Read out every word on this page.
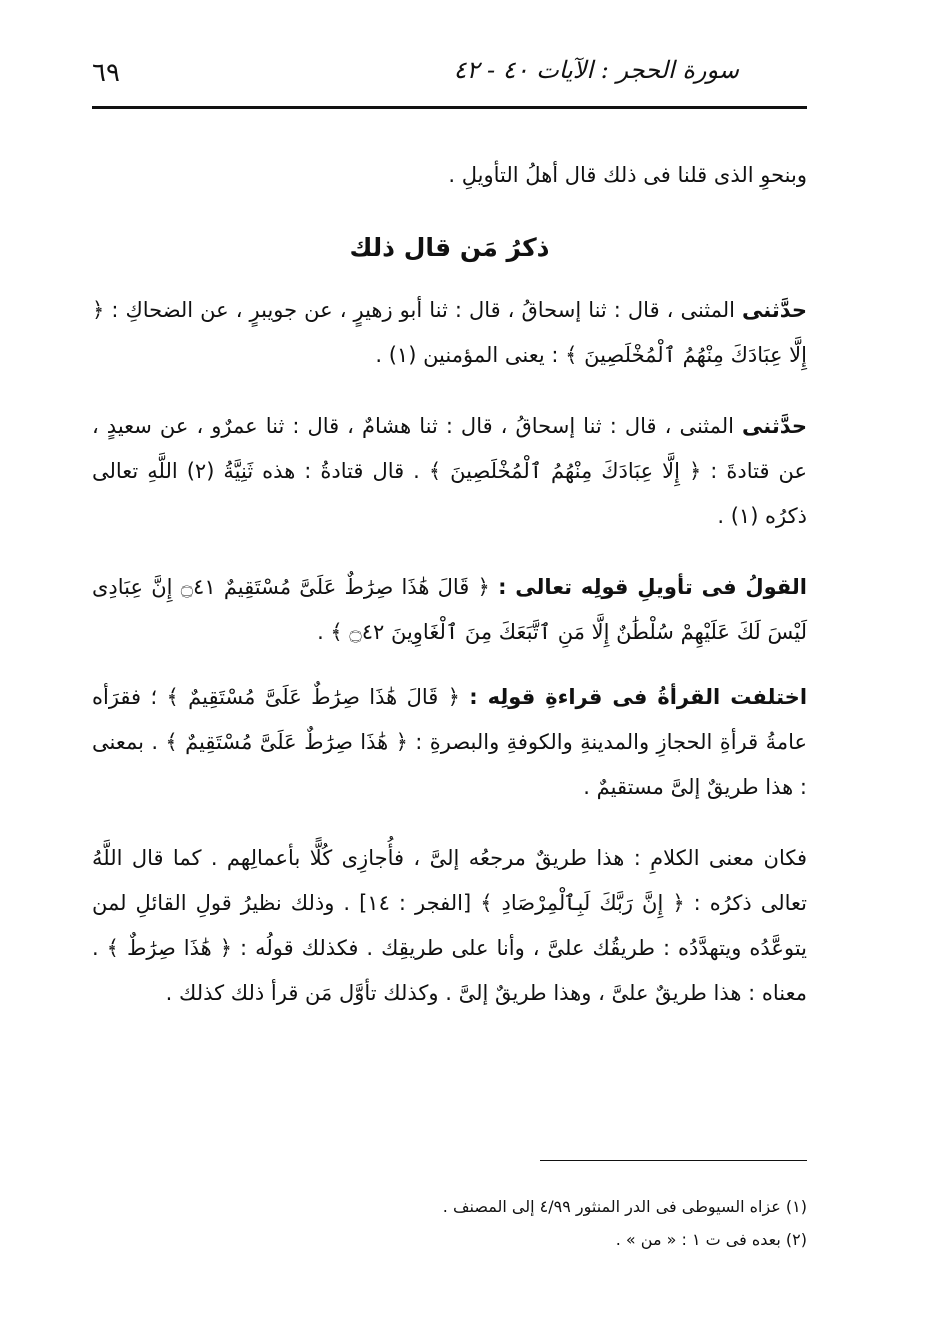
٦٩	سورة الحجر : الآيات ٤٠ - ٤٢

وبنحوِ الذى قلنا فى ذلك قال أهلُ التأويلِ .

ذكرُ مَن قال ذلك

حدَّثنى المثنى ، قال : ثنا إسحاقُ ، قال : ثنا أبو زهيرٍ ، عن جويبرٍ ، عن الضحاكِ : ﴿ إِلَّا عِبَادَكَ مِنْهُمُ ٱلْمُخْلَصِينَ ﴾ : يعنى المؤمنين (١) .

حدَّثنى المثنى ، قال : ثنا إسحاقُ ، قال : ثنا هشامٌ ، قال : ثنا عمرٌو ، عن سعيدٍ ، عن قتادةَ : ﴿ إِلَّا عِبَادَكَ مِنْهُمُ ٱلْمُخْلَصِينَ ﴾ . قال قتادةُ : هذه ثَنِيَّةُ (٢) اللَّهِ تعالى ذكرُه (١) .

القولُ فى تأويلِ قولِه تعالى : ﴿ قَالَ هَٰذَا صِرَٰطٌ عَلَىَّ مُسْتَقِيمٌ ۝٤١ إِنَّ عِبَادِى لَيْسَ لَكَ عَلَيْهِمْ سُلْطَٰنٌ إِلَّا مَنِ ٱتَّبَعَكَ مِنَ ٱلْغَاوِينَ ۝٤٢ ﴾ .

اختلفت القرأةُ فى قراءةِ قولِه : ﴿ قَالَ هَٰذَا صِرَٰطٌ عَلَىَّ مُسْتَقِيمٌ ﴾ ؛ فقرَأه عامةُ قرأةِ الحجازِ والمدينةِ والكوفةِ والبصرةِ : ﴿ هَٰذَا صِرَٰطٌ عَلَىَّ مُسْتَقِيمٌ ﴾ . بمعنى : هذا طريقٌ إلىَّ مستقيمٌ .

فكان معنى الكلامِ : هذا طريقٌ مرجعُه إلىَّ ، فأُجازِى كُلًّا بأعمالِهم . كما قال اللَّهُ تعالى ذكرُه : ﴿ إِنَّ رَبَّكَ لَبِٱلْمِرْصَادِ ﴾ [الفجر : ١٤] . وذلك نظيرُ قولِ القائلِ لمن يتوعَّدُه ويتهدَّدُه : طريقُك علىَّ ، وأنا على طريقِك . فكذلك قولُه : ﴿ هَٰذَا صِرَٰطٌ ﴾ . معناه : هذا طريقٌ علىَّ ، وهذا طريقٌ إلىَّ . وكذلك تأوَّل مَن قرأ ذلك كذلك .

(١) عزاه السيوطى فى الدر المنثور ٤/٩٩ إلى المصنف .
(٢) بعده فى ت ١ : « من » .
